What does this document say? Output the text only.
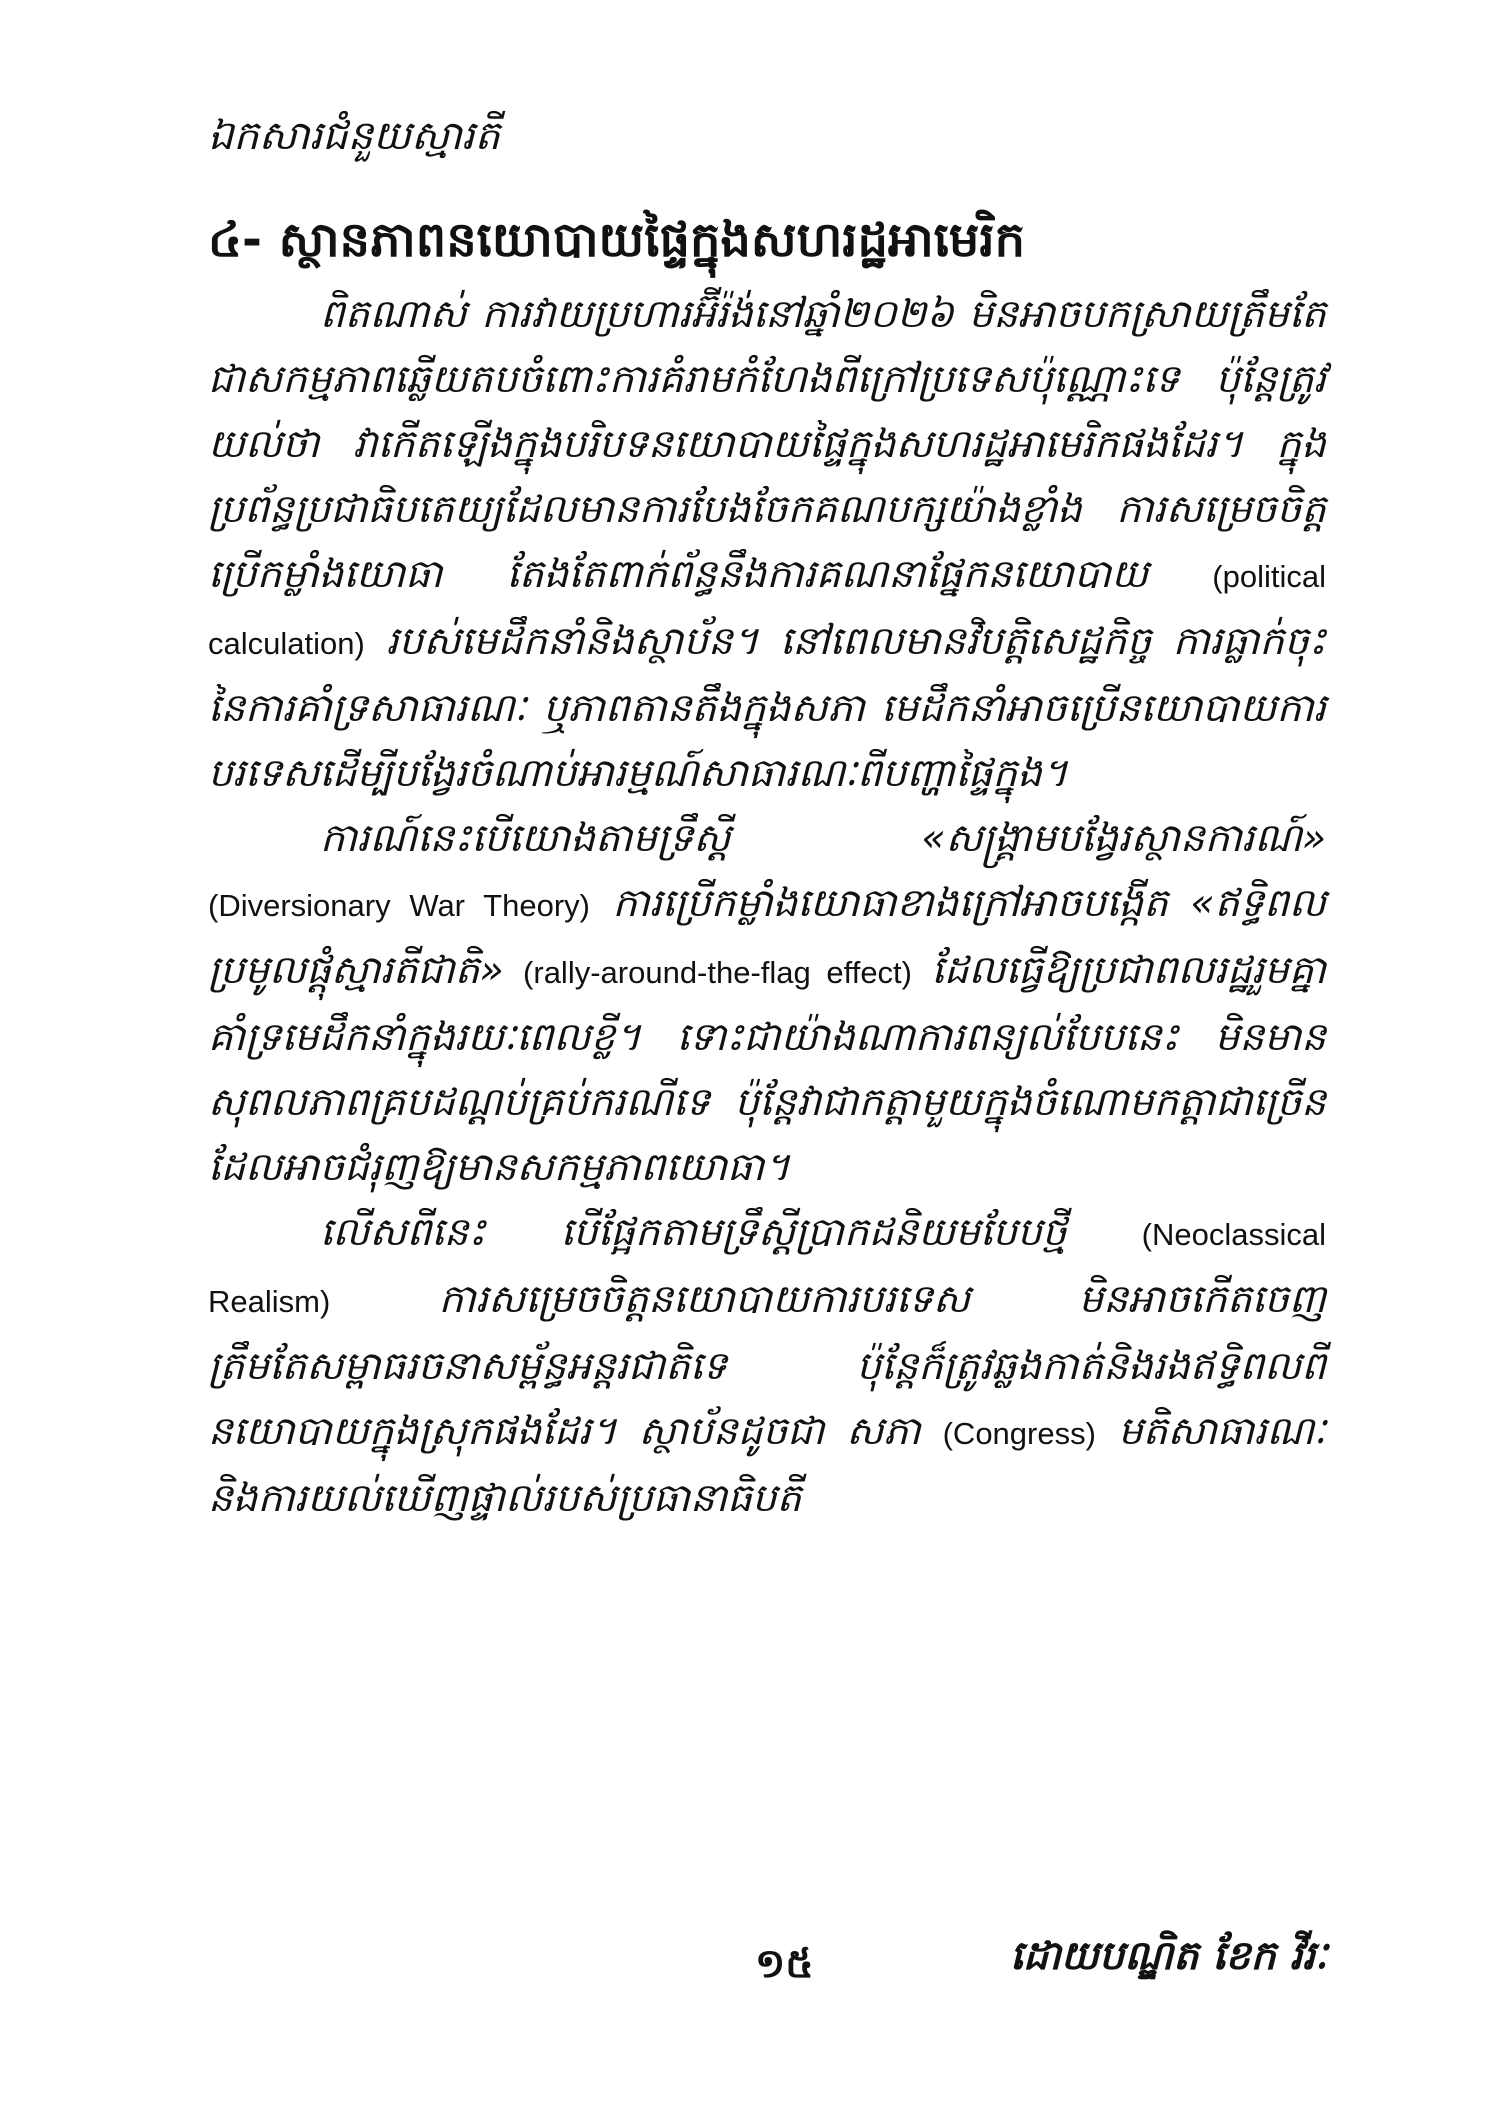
ឯកសារជំនួយស្មារតី
៤- ស្ថានភាពនយោបាយផ្ទៃក្នុងសហរដ្ឋអាមេរិក

ពិតណាស់ ការវាយប្រហារអ៊ីរ៉ង់នៅឆ្នាំ២០២៦ មិនអាចបកស្រាយត្រឹមតែជាសកម្មភាពឆ្លើយតបចំពោះការគំរាមកំហែងពីក្រៅប្រទេសប៉ុណ្ណោះទេ ប៉ុន្តែត្រូវយល់ថា វាកើតឡើងក្នុងបរិបទនយោបាយផ្ទៃក្នុងសហរដ្ឋអាមេរិកផងដែរ។ ក្នុងប្រព័ន្ធប្រជាធិបតេយ្យដែលមានការបែងចែកគណបក្សយ៉ាងខ្លាំង ការសម្រេចចិត្តប្រើកម្លាំងយោធា តែងតែពាក់ព័ន្ធនឹងការគណនាផ្នែកនយោបាយ (political calculation) របស់មេដឹកនាំនិងស្ថាប័ន។ នៅពេលមានវិបត្តិសេដ្ឋកិច្ច ការធ្លាក់ចុះនៃការគាំទ្រសាធារណៈ ឬភាពតានតឹងក្នុងសភា មេដឹកនាំអាចប្រើនយោបាយការបរទេសដើម្បីបង្វែរចំណាប់អារម្មណ៍សាធារណៈពីបញ្ហាផ្ទៃក្នុង។

ការណ៍នេះបើយោងតាមទ្រឹស្ដី «សង្គ្រាមបង្វែរស្ថានការណ៍» (Diversionary War Theory) ការប្រើកម្លាំងយោធាខាងក្រៅអាចបង្កើត «ឥទ្ធិពលប្រមូលផ្ដុំស្មារតីជាតិ» (rally-around-the-flag effect) ដែលធ្វើឱ្យប្រជាពលរដ្ឋរួមគ្នាគាំទ្រមេដឹកនាំក្នុងរយៈពេលខ្លី។ ទោះជាយ៉ាងណាការពន្យល់បែបនេះ មិនមានសុពលភាពគ្របដណ្ដប់គ្រប់ករណីទេ ប៉ុន្តែវាជាកត្តាមួយក្នុងចំណោមកត្តាជាច្រើនដែលអាចជំរុញឱ្យមានសកម្មភាពយោធា។

លើសពីនេះ បើផ្អែកតាមទ្រឹស្ដីប្រាកដនិយមបែបថ្មី (Neoclassical Realism) ការសម្រេចចិត្តនយោបាយការបរទេស មិនអាចកើតចេញត្រឹមតែសម្ពាធរចនាសម្ព័ន្ធអន្តរជាតិទេ ប៉ុន្តែក៏ត្រូវឆ្លងកាត់និងរងឥទ្ធិពលពីនយោបាយក្នុងស្រុកផងដែរ។ ស្ថាប័នដូចជា សភា (Congress) មតិសាធារណៈ និងការយល់ឃើញផ្ទាល់របស់ប្រធានាធិបតី

១៥	ដោយបណ្ឌិត ខែក វីរៈ
